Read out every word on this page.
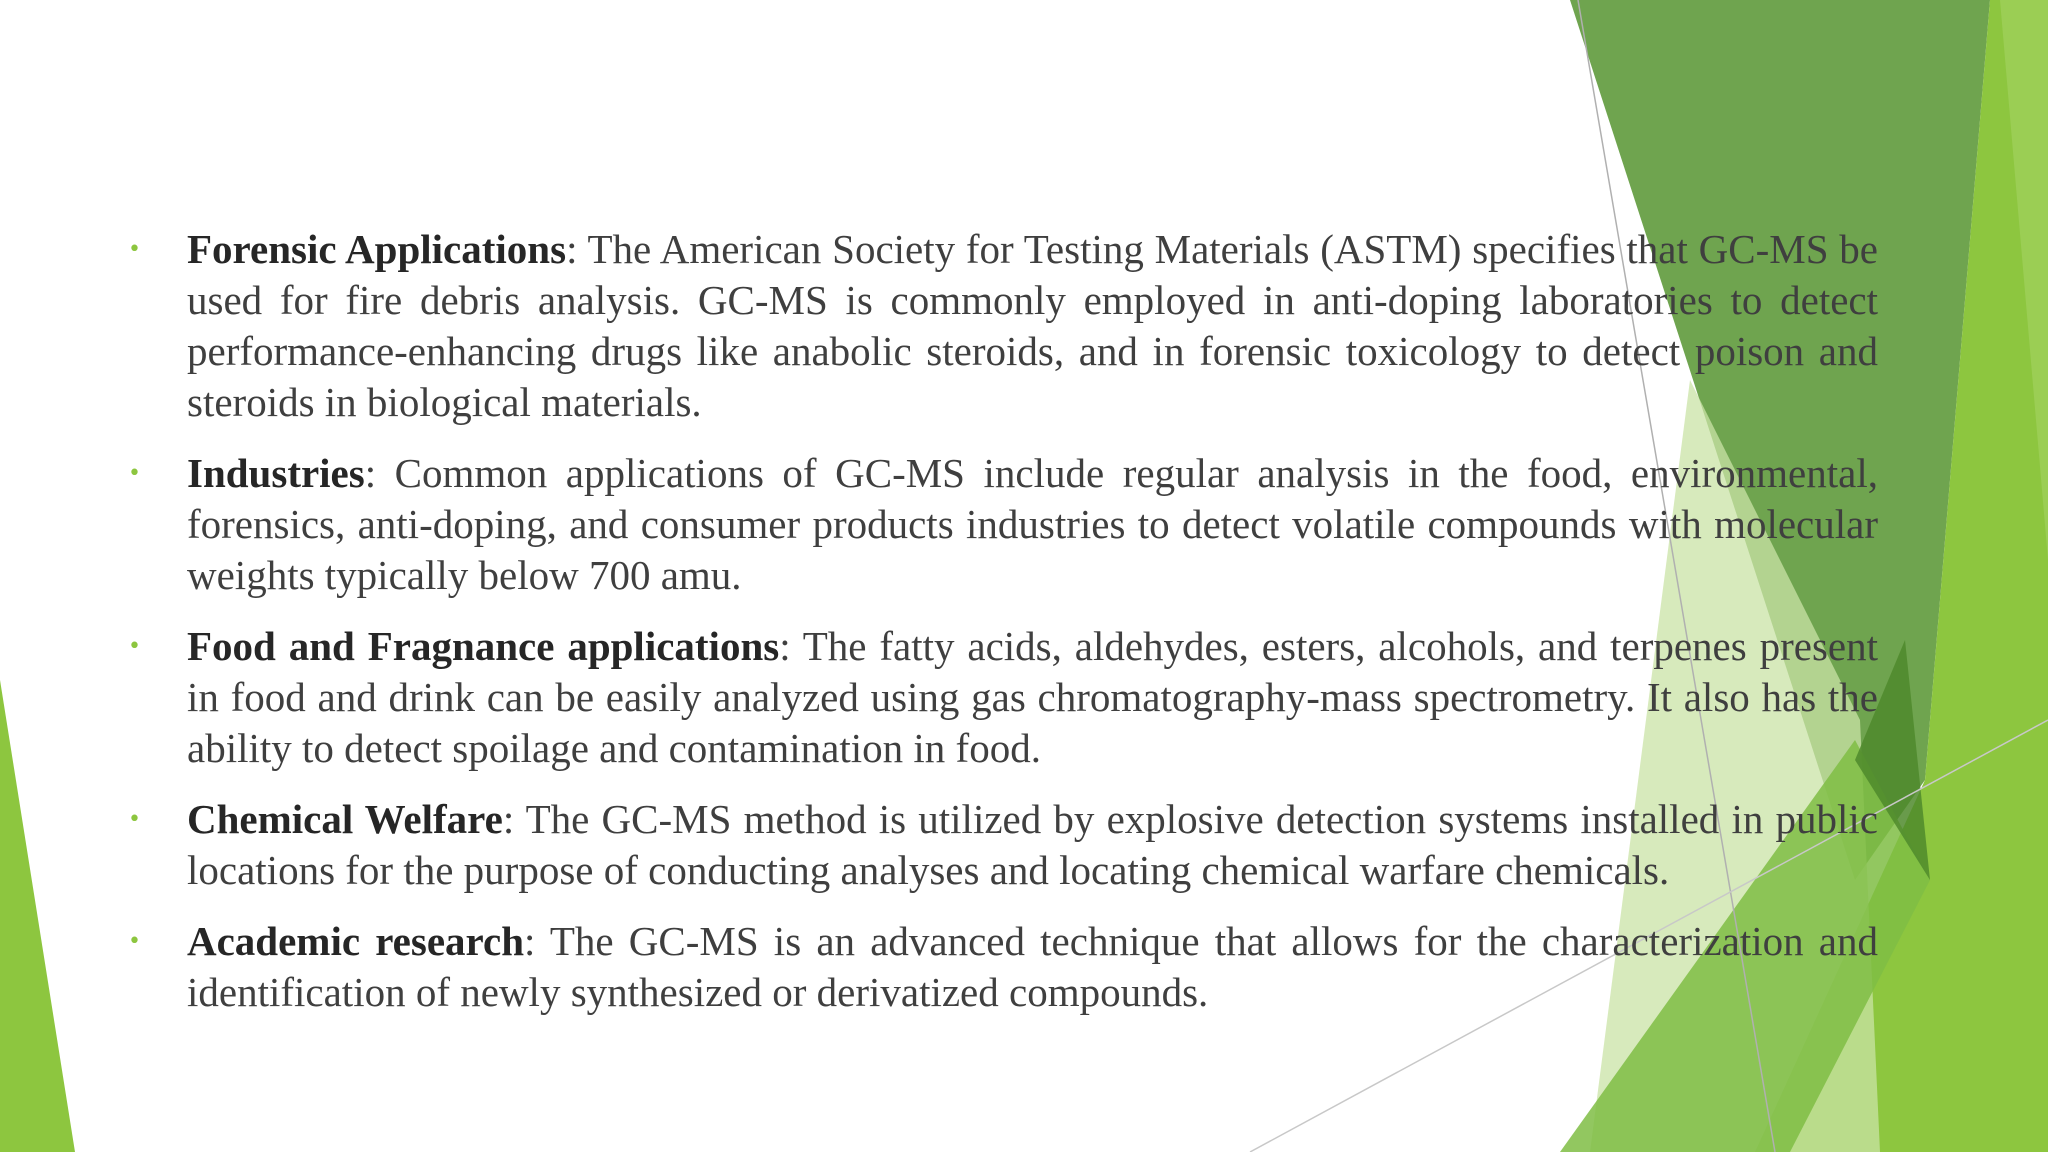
• Forensic Applications: The American Society for Testing Materials (ASTM) specifies that GC-MS be used for fire debris analysis. GC-MS is commonly employed in anti-doping laboratories to detect performance-enhancing drugs like anabolic steroids, and in forensic toxicology to detect poison and steroids in biological materials.
• Industries: Common applications of GC-MS include regular analysis in the food, environmental, forensics, anti-doping, and consumer products industries to detect volatile compounds with molecular weights typically below 700 amu.
• Food and Fragnance applications: The fatty acids, aldehydes, esters, alcohols, and terpenes present in food and drink can be easily analyzed using gas chromatography-mass spectrometry. It also has the ability to detect spoilage and contamination in food.
• Chemical Welfare: The GC-MS method is utilized by explosive detection systems installed in public locations for the purpose of conducting analyses and locating chemical warfare chemicals.
• Academic research: The GC-MS is an advanced technique that allows for the characterization and identification of newly synthesized or derivatized compounds.
